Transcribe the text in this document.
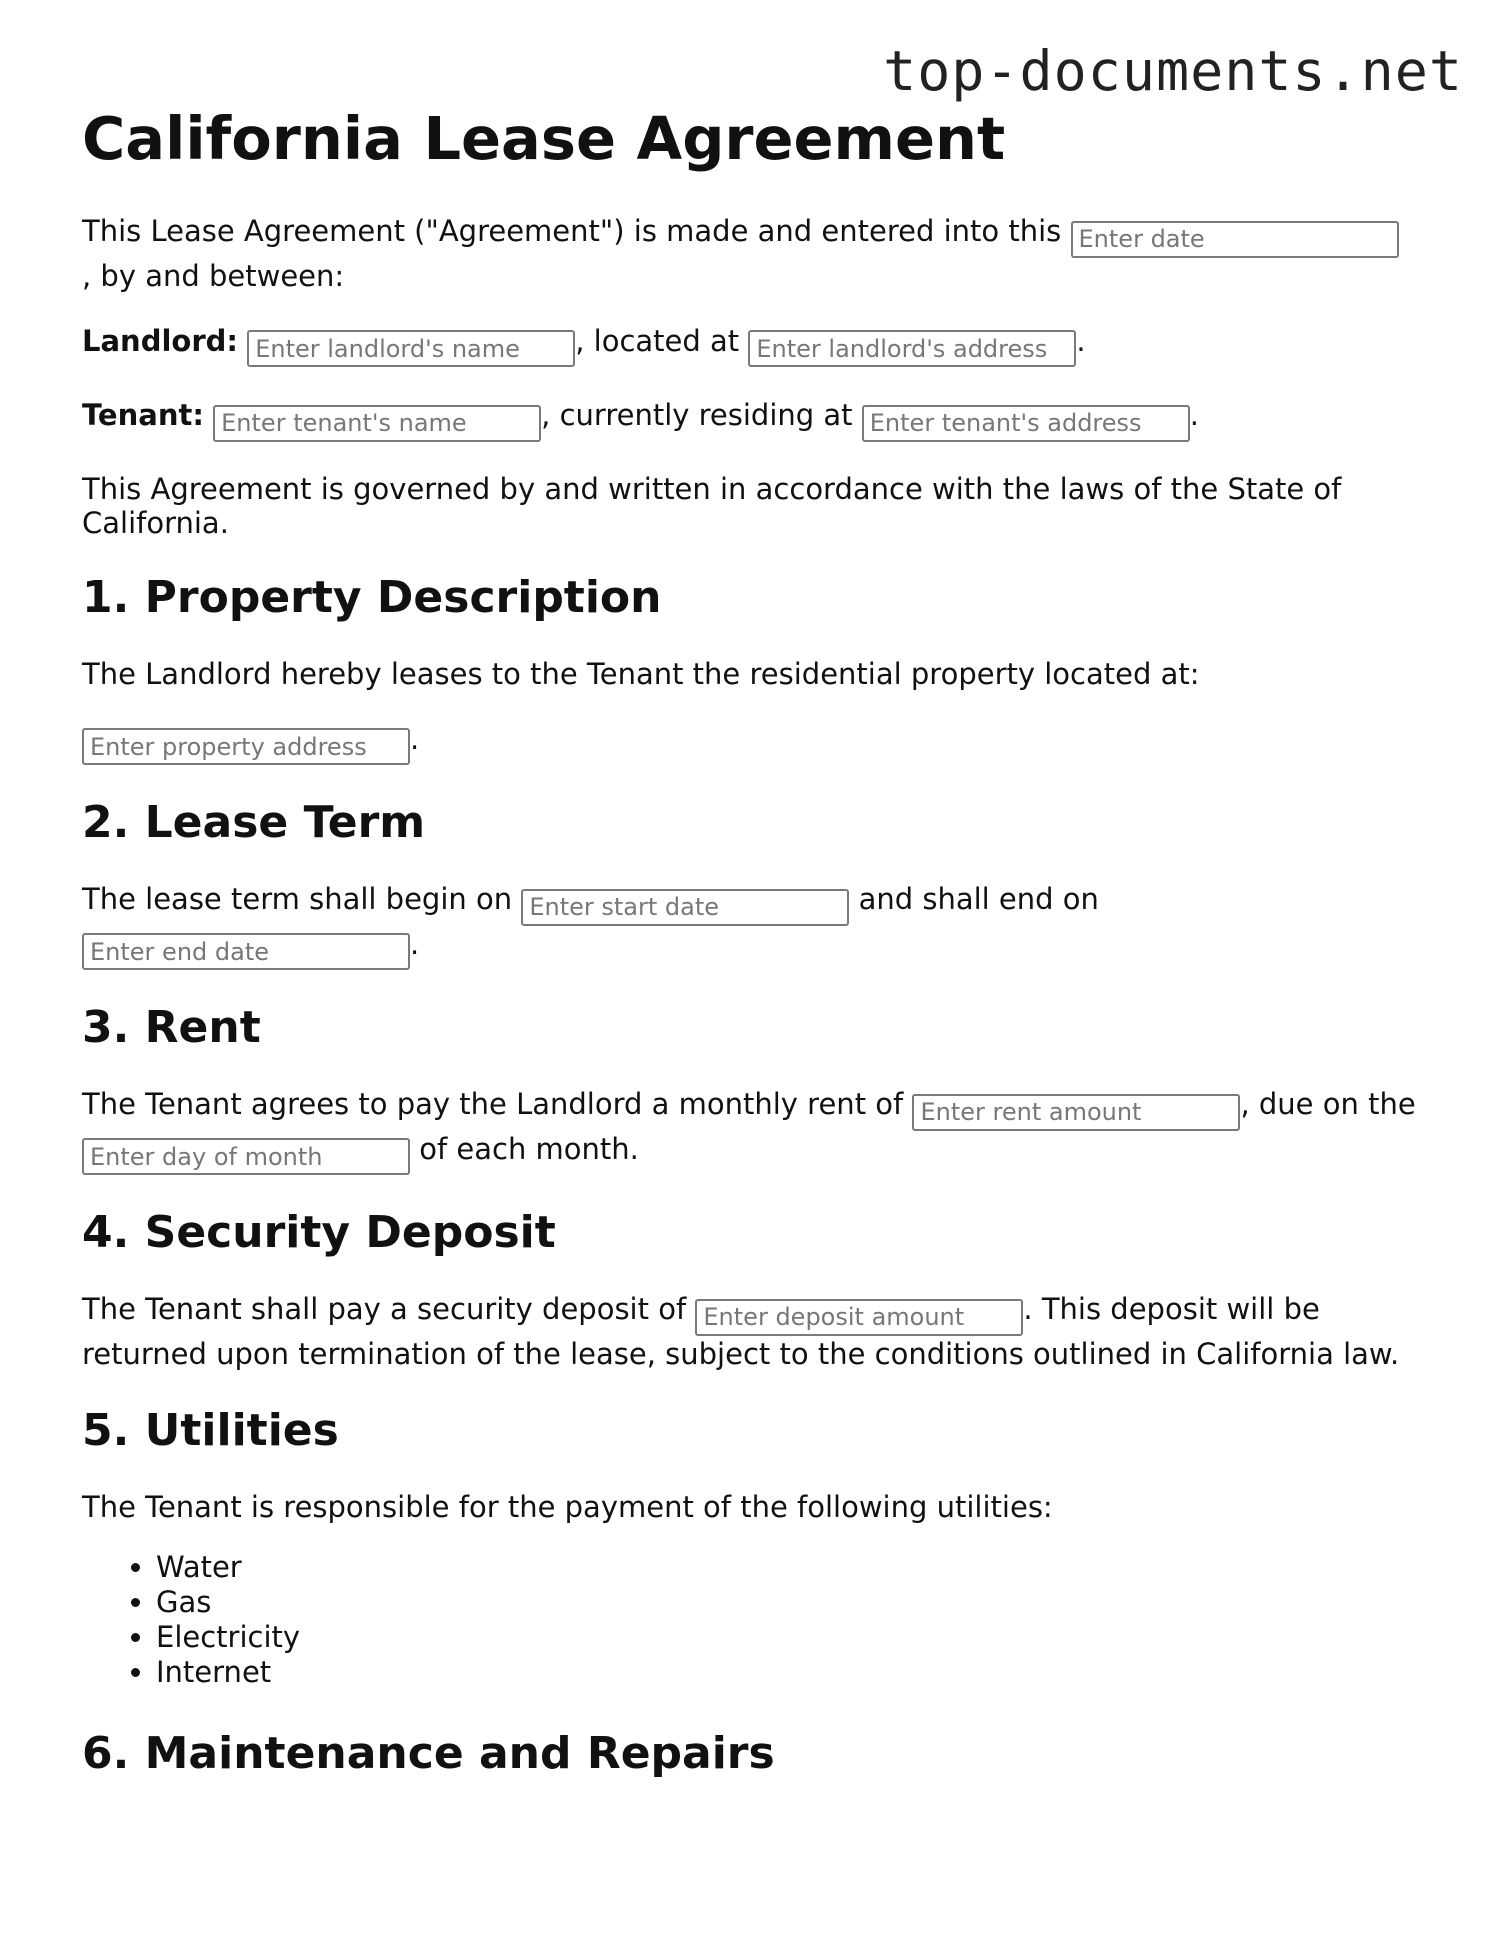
top-documents.net
California Lease Agreement

This Lease Agreement ("Agreement") is made and entered into this Enter date
, by and between:

Landlord: Enter landlord's name	, located at Enter landlord's address	.

Tenant: Enter tenant's name	, currently residing at Enter tenant's address	.

This Agreement is governed by and written in accordance with the laws of the State of California.

1. Property Description

The Landlord hereby leases to the Tenant the residential property located at:

Enter property address.

2. Lease Term

The lease term shall begin on Enter start date	and shall end on
Enter end date.

3. Rent

The Tenant agrees to pay the Landlord a monthly rent of Enter rent amount	, due on the Enter day of month of each month.

4. Security Deposit

The Tenant shall pay a security deposit of Enter deposit amount	. This deposit will be returned upon termination of the lease, subject to the conditions outlined in California law.

5. Utilities

The Tenant is responsible for the payment of the following utilities:

• Water
• Gas
• Electricity
• Internet
6. Maintenance and Repairs
